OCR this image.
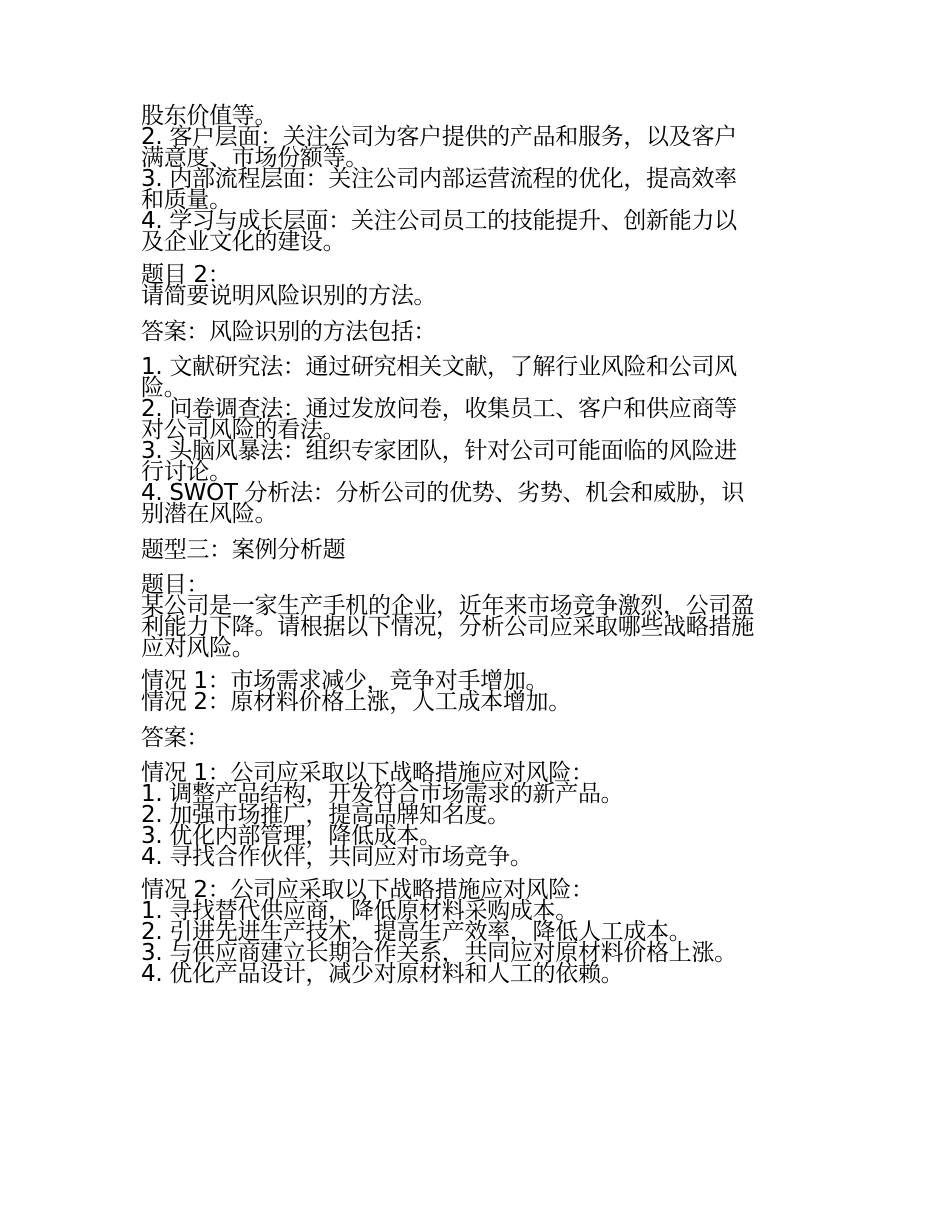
股东价值等。
2. 客户层面：关注公司为客户提供的产品和服务，以及客户
满意度、市场份额等。
3. 内部流程层面：关注公司内部运营流程的优化，提高效率
和质量。
4. 学习与成长层面：关注公司员工的技能提升、创新能力以
及企业文化的建设。
题目 2：
请简要说明风险识别的方法。
答案：风险识别的方法包括：
1. 文献研究法：通过研究相关文献，了解行业风险和公司风
险。
2. 问卷调查法：通过发放问卷，收集员工、客户和供应商等
对公司风险的看法。
3. 头脑风暴法：组织专家团队，针对公司可能面临的风险进
行讨论。
4. SWOT 分析法：分析公司的优势、劣势、机会和威胁，识
别潜在风险。
题型三：案例分析题
题目：
某公司是一家生产手机的企业，近年来市场竞争激烈，公司盈
利能力下降。请根据以下情况，分析公司应采取哪些战略措施
应对风险。
情况 1：市场需求减少，竞争对手增加。
情况 2：原材料价格上涨，人工成本增加。
答案：
情况 1：公司应采取以下战略措施应对风险：
1. 调整产品结构，开发符合市场需求的新产品。
2. 加强市场推广，提高品牌知名度。
3. 优化内部管理，降低成本。
4. 寻找合作伙伴，共同应对市场竞争。
情况 2：公司应采取以下战略措施应对风险：
1. 寻找替代供应商，降低原材料采购成本。
2. 引进先进生产技术，提高生产效率，降低人工成本。
3. 与供应商建立长期合作关系，共同应对原材料价格上涨。
4. 优化产品设计，减少对原材料和人工的依赖。
